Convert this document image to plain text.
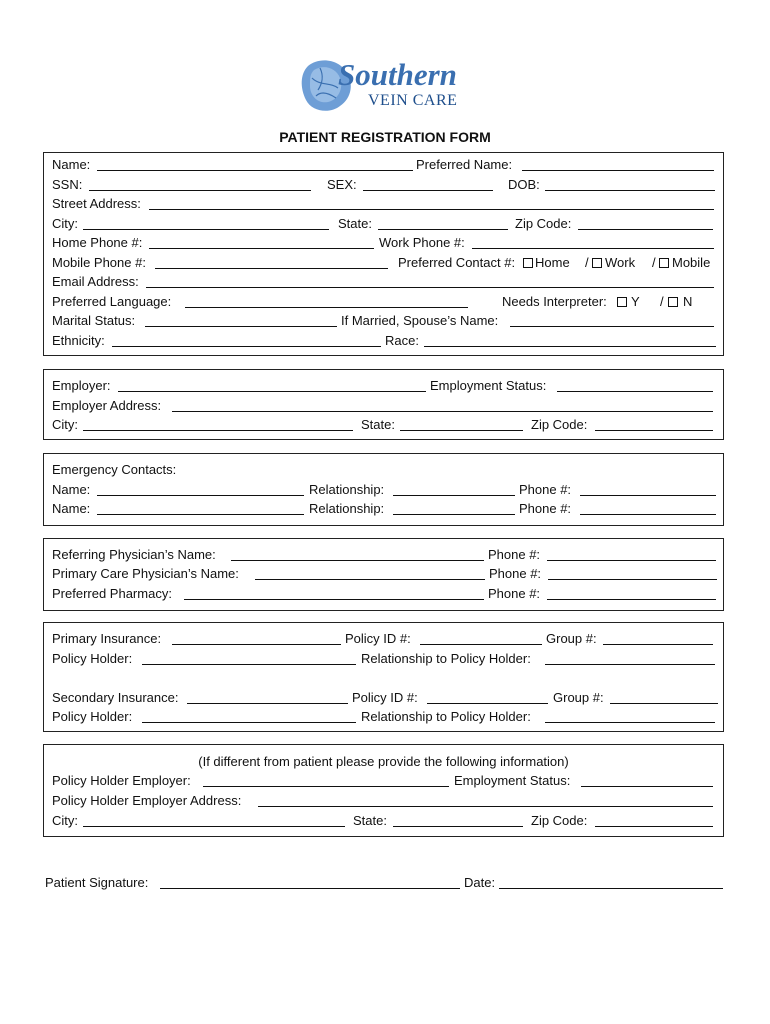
Southern
VEIN CARE
PATIENT REGISTRATION FORM
Name:	Preferred Name:
SSN:	SEX:	DOB:
Street Address:
City:	State:	Zip Code:
Home Phone #:	Work Phone #:
Mobile Phone #:	Preferred Contact #: Home / Work / Mobile
Email Address:
Preferred Language:	Needs Interpreter: Y / N
Marital Status:	If Married, Spouse’s Name:
Ethnicity:	Race:
Employer:	Employment Status:
Employer Address:
City:	State:	Zip Code:
Emergency Contacts:
Name:	Relationship:	Phone #:
Name:	Relationship:	Phone #:
Referring Physician’s Name:	Phone #:
Primary Care Physician’s Name:	Phone #:
Preferred Pharmacy:	Phone #:
Primary Insurance:	Policy ID #:	Group #:
Policy Holder:	Relationship to Policy Holder:
Secondary Insurance:	Policy ID #:	Group #:
Policy Holder:	Relationship to Policy Holder:
(If different from patient please provide the following information)
Policy Holder Employer:	Employment Status:
Policy Holder Employer Address:
City:	State:	Zip Code:
Patient Signature:	Date:
